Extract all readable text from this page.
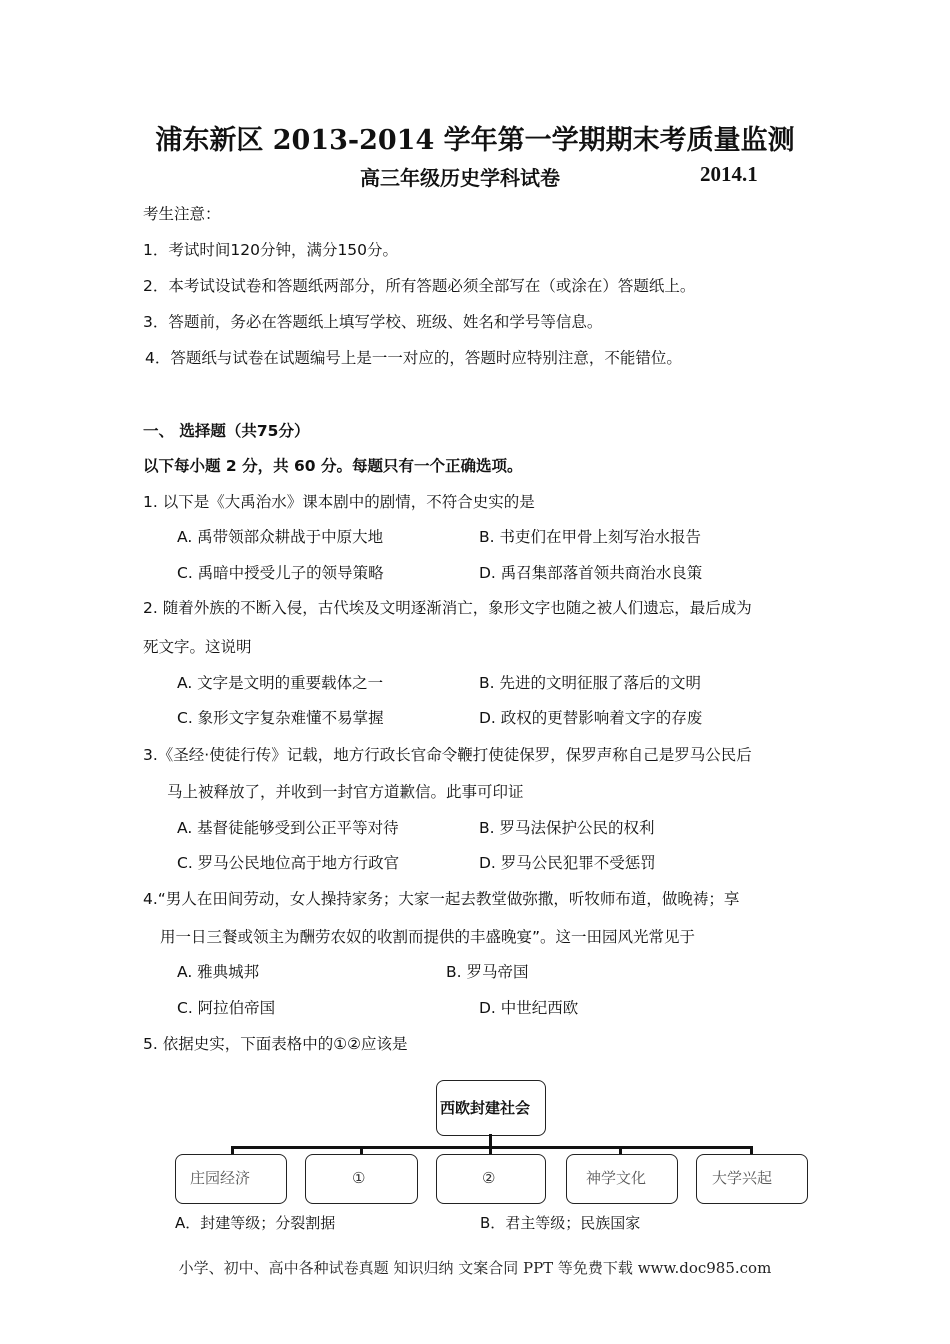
浦东新区 2013-2014 学年第一学期期末考质量监测
高三年级历史学科试卷	2014.1
考生注意：
1．考试时间120分钟，满分150分。
2．本考试设试卷和答题纸两部分，所有答题必须全部写在（或涂在）答题纸上。
3．答题前，务必在答题纸上填写学校、班级、姓名和学号等信息。
4．答题纸与试卷在试题编号上是一一对应的，答题时应特别注意，不能错位。
一、 选择题（共75分）
以下每小题 2 分，共 60 分。每题只有一个正确选项。
1. 以下是《大禹治水》课本剧中的剧情，不符合史实的是
A. 禹带领部众耕战于中原大地	B. 书吏们在甲骨上刻写治水报告
C. 禹暗中授受儿子的领导策略	D. 禹召集部落首领共商治水良策
2. 随着外族的不断入侵，古代埃及文明逐渐消亡，象形文字也随之被人们遗忘，最后成为
死文字。这说明
A. 文字是文明的重要载体之一	B. 先进的文明征服了落后的文明
C. 象形文字复杂难懂不易掌握	D. 政权的更替影响着文字的存废
3.《圣经·使徒行传》记载，地方行政长官命令鞭打使徒保罗，保罗声称自己是罗马公民后
马上被释放了，并收到一封官方道歉信。此事可印证
A. 基督徒能够受到公正平等对待	B. 罗马法保护公民的权利
C. 罗马公民地位高于地方行政官	D. 罗马公民犯罪不受惩罚
4.“男人在田间劳动，女人操持家务；大家一起去教堂做弥撒，听牧师布道，做晚祷；享
用一日三餐或领主为酬劳农奴的收割而提供的丰盛晚宴”。这一田园风光常见于
A. 雅典城邦	B. 罗马帝国
C. 阿拉伯帝国	D. 中世纪西欧
5. 依据史实，下面表格中的①②应该是
西欧封建社会
庄园经济	①	②	神学文化	大学兴起
A．封建等级；分裂割据	B．君主等级；民族国家
小学、初中、高中各种试卷真题 知识归纳 文案合同 PPT 等免费下载 www.doc985.com
